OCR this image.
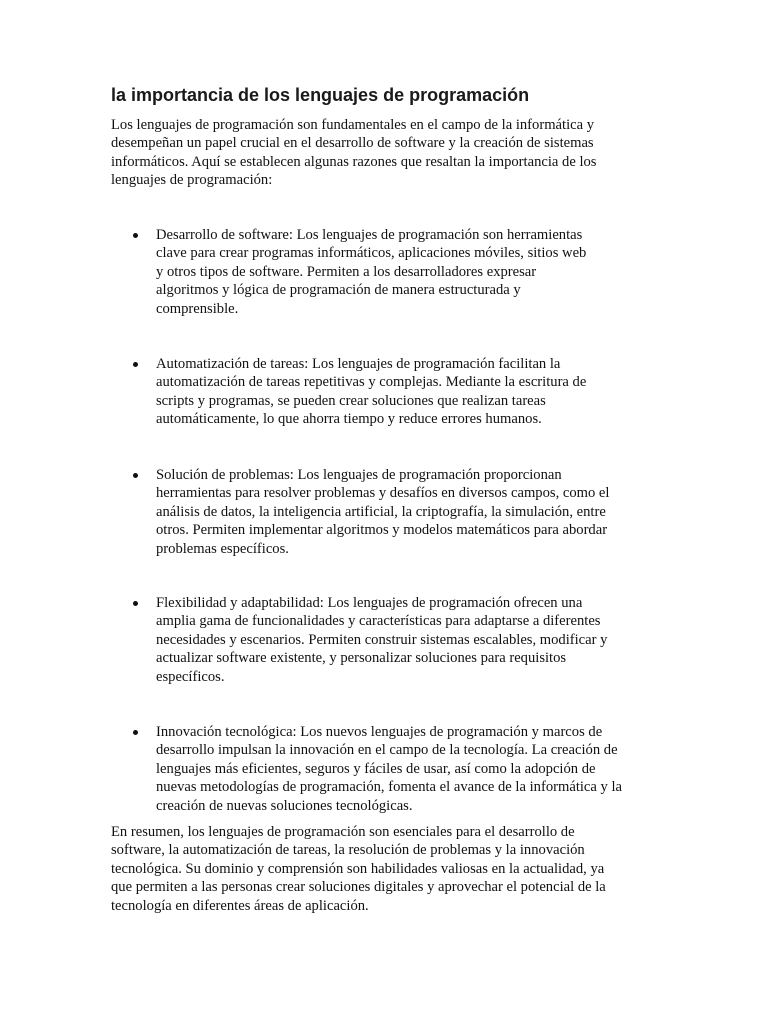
la importancia de los lenguajes de programación

Los lenguajes de programación son fundamentales en el campo de la informática y
desempeñan un papel crucial en el desarrollo de software y la creación de sistemas
informáticos. Aquí se establecen algunas razones que resaltan la importancia de los
lenguajes de programación:

Desarrollo de software: Los lenguajes de programación son herramientas
clave para crear programas informáticos, aplicaciones móviles, sitios web
y otros tipos de software. Permiten a los desarrolladores expresar
algoritmos y lógica de programación de manera estructurada y
comprensible.

Automatización de tareas: Los lenguajes de programación facilitan la
automatización de tareas repetitivas y complejas. Mediante la escritura de
scripts y programas, se pueden crear soluciones que realizan tareas
automáticamente, lo que ahorra tiempo y reduce errores humanos.

Solución de problemas: Los lenguajes de programación proporcionan
herramientas para resolver problemas y desafíos en diversos campos, como el
análisis de datos, la inteligencia artificial, la criptografía, la simulación, entre
otros. Permiten implementar algoritmos y modelos matemáticos para abordar
problemas específicos.

Flexibilidad y adaptabilidad: Los lenguajes de programación ofrecen una
amplia gama de funcionalidades y características para adaptarse a diferentes
necesidades y escenarios. Permiten construir sistemas escalables, modificar y
actualizar software existente, y personalizar soluciones para requisitos
específicos.

Innovación tecnológica: Los nuevos lenguajes de programación y marcos de
desarrollo impulsan la innovación en el campo de la tecnología. La creación de
lenguajes más eficientes, seguros y fáciles de usar, así como la adopción de
nuevas metodologías de programación, fomenta el avance de la informática y la
creación de nuevas soluciones tecnológicas.

En resumen, los lenguajes de programación son esenciales para el desarrollo de
software, la automatización de tareas, la resolución de problemas y la innovación
tecnológica. Su dominio y comprensión son habilidades valiosas en la actualidad, ya
que permiten a las personas crear soluciones digitales y aprovechar el potencial de la
tecnología en diferentes áreas de aplicación.
